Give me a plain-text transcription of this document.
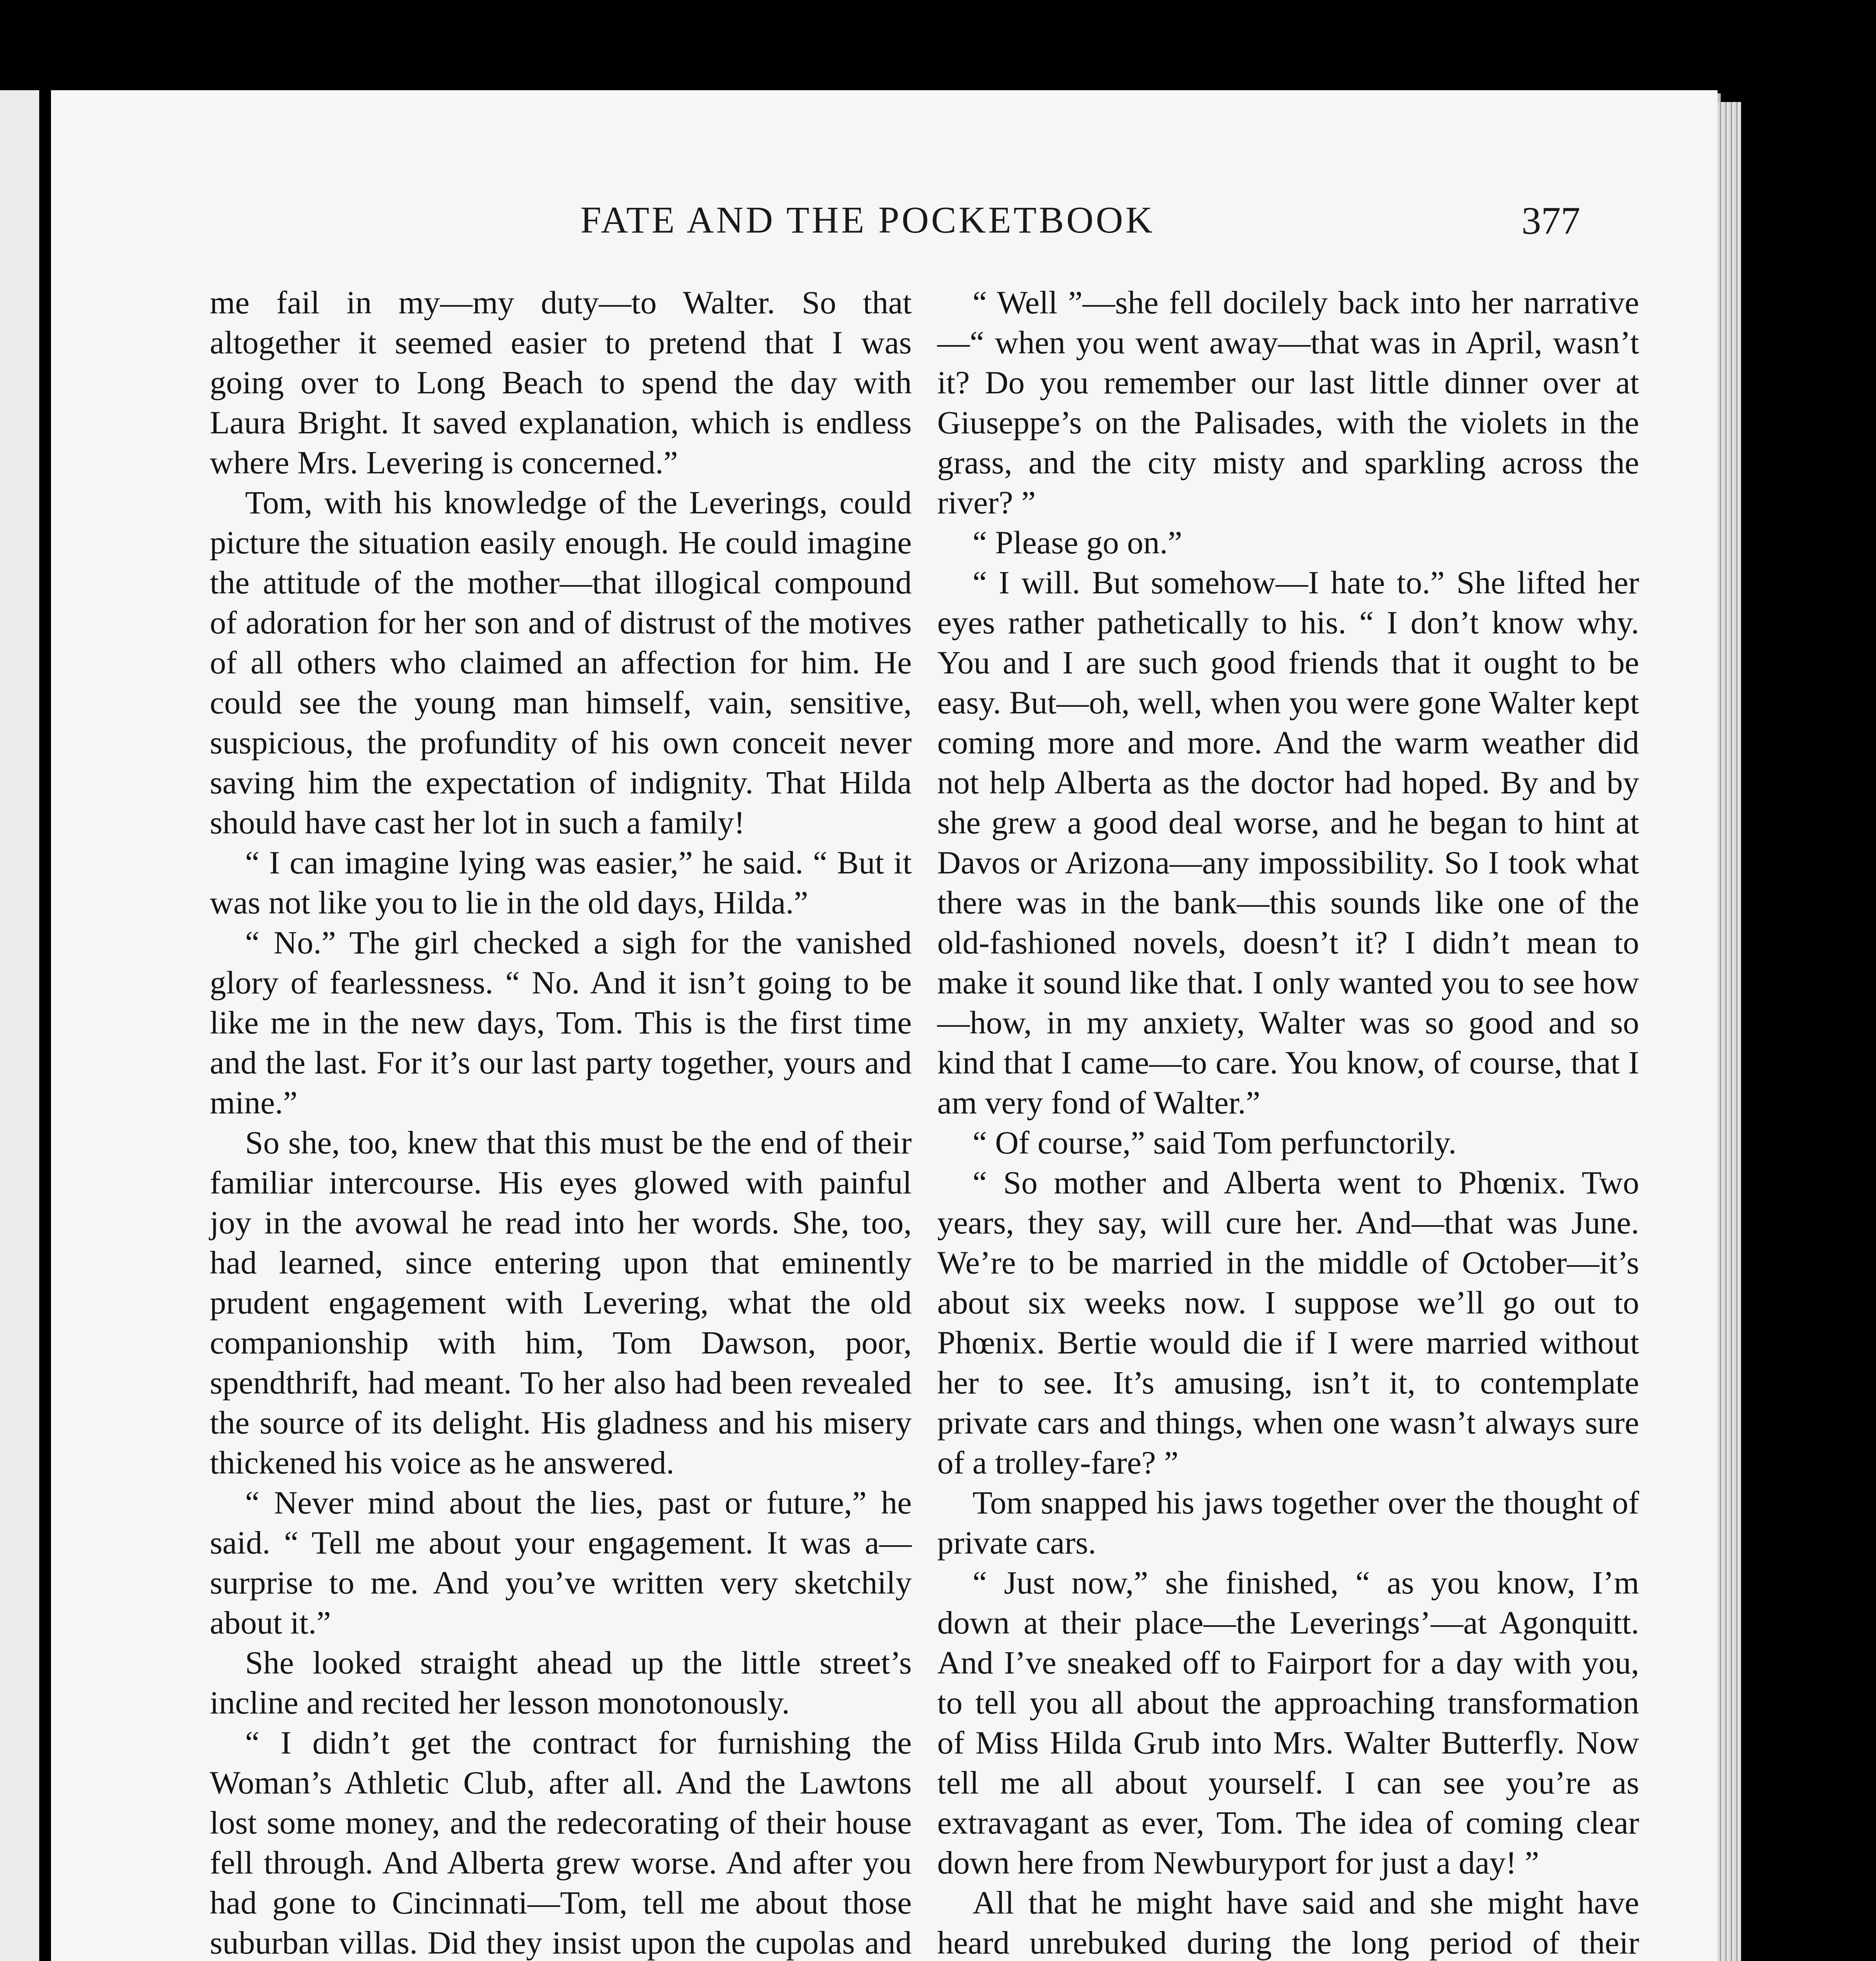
FATE AND THE POCKETBOOK	377

me fail in my—my duty—to Walter. So that altogether it seemed easier to pretend that I was going over to Long Beach to spend the day with Laura Bright. It saved explanation, which is endless where Mrs. Levering is concerned.”

Tom, with his knowledge of the Leverings, could picture the situation easily enough. He could imagine the attitude of the mother—that illogical compound of adoration for her son and of distrust of the motives of all others who claimed an affection for him. He could see the young man himself, vain, sensitive, suspicious, the profundity of his own conceit never saving him the expectation of indignity. That Hilda should have cast her lot in such a family!

“ I can imagine lying was easier,” he said. “ But it was not like you to lie in the old days, Hilda.”

“ No.” The girl checked a sigh for the vanished glory of fearlessness. “ No. And it isn’t going to be like me in the new days, Tom. This is the first time and the last. For it’s our last party together, yours and mine.”

So she, too, knew that this must be the end of their familiar intercourse. His eyes glowed with painful joy in the avowal he read into her words. She, too, had learned, since entering upon that eminently prudent engagement with Levering, what the old companionship with him, Tom Dawson, poor, spendthrift, had meant. To her also had been revealed the source of its delight. His gladness and his misery thickened his voice as he answered.

“ Never mind about the lies, past or future,” he said. “ Tell me about your engagement. It was a—surprise to me. And you’ve written very sketchily about it.”

She looked straight ahead up the little street’s incline and recited her lesson monotonously.

“ I didn’t get the contract for furnishing the Woman’s Athletic Club, after all. And the Lawtons lost some money, and the redecorating of their house fell through. And Alberta grew worse. And after you had gone to Cincinnati—Tom, tell me about those suburban villas. Did they insist upon the cupolas and

“ Well ”—she fell docilely back into her narrative—“ when you went away—that was in April, wasn’t it? Do you remember our last little dinner over at Giuseppe’s on the Palisades, with the violets in the grass, and the city misty and sparkling across the river? ”

“ Please go on.”

“ I will. But somehow—I hate to.” She lifted her eyes rather pathetically to his. “ I don’t know why. You and I are such good friends that it ought to be easy. But—oh, well, when you were gone Walter kept coming more and more. And the warm weather did not help Alberta as the doctor had hoped. By and by she grew a good deal worse, and he began to hint at Davos or Arizona—any impossibility. So I took what there was in the bank—this sounds like one of the old-fashioned novels, doesn’t it? I didn’t mean to make it sound like that. I only wanted you to see how—how, in my anxiety, Walter was so good and so kind that I came—to care. You know, of course, that I am very fond of Walter.”

“ Of course,” said Tom perfunctorily.

“ So mother and Alberta went to Phœnix. Two years, they say, will cure her. And—that was June. We’re to be married in the middle of October—it’s about six weeks now. I suppose we’ll go out to Phœnix. Bertie would die if I were married without her to see. It’s amusing, isn’t it, to contemplate private cars and things, when one wasn’t always sure of a trolley-fare? ”

Tom snapped his jaws together over the thought of private cars.

“ Just now,” she finished, “ as you know, I’m down at their place—the Leverings’—at Agonquitt. And I’ve sneaked off to Fairport for a day with you, to tell you all about the approaching transformation of Miss Hilda Grub into Mrs. Walter Butterfly. Now tell me all about yourself. I can see you’re as extravagant as ever, Tom. The idea of coming clear down here from Newburyport for just a day! ”

All that he might have said and she might have heard unrebuked during the long period of their
